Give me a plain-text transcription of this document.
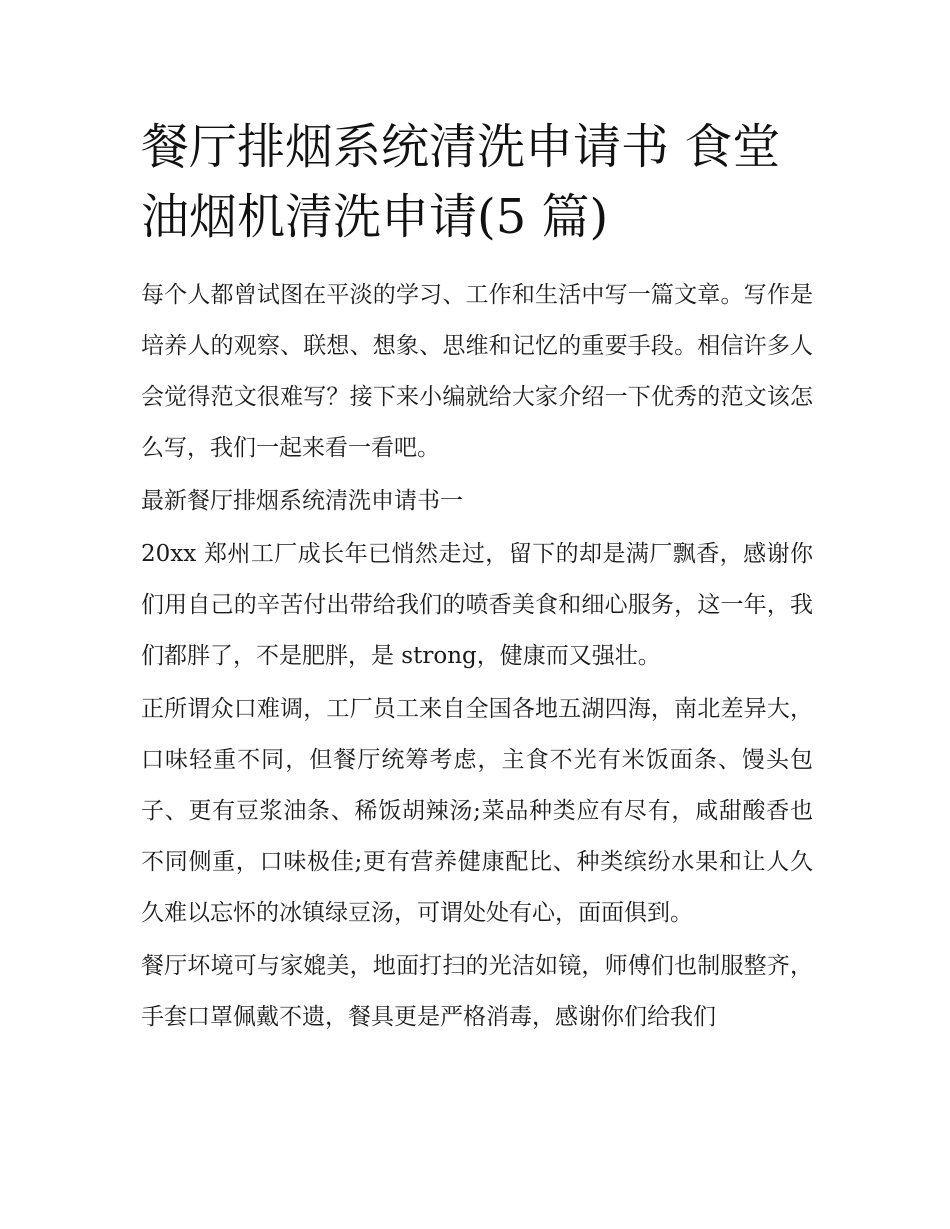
餐厅排烟系统清洗申请书 食堂油烟机清洗申请(5 篇)

每个人都曾试图在平淡的学习、工作和生活中写一篇文章。写作是培养人的观察、联想、想象、思维和记忆的重要手段。相信许多人会觉得范文很难写？接下来小编就给大家介绍一下优秀的范文该怎么写，我们一起来看一看吧。

最新餐厅排烟系统清洗申请书一

20xx 郑州工厂成长年已悄然走过，留下的却是满厂飘香，感谢你们用自己的辛苦付出带给我们的喷香美食和细心服务，这一年，我们都胖了，不是肥胖，是 strong，健康而又强壮。

正所谓众口难调，工厂员工来自全国各地五湖四海，南北差异大，口味轻重不同，但餐厅统筹考虑，主食不光有米饭面条、馒头包子、更有豆浆油条、稀饭胡辣汤;菜品种类应有尽有，咸甜酸香也不同侧重，口味极佳;更有营养健康配比、种类缤纷水果和让人久久难以忘怀的冰镇绿豆汤，可谓处处有心，面面俱到。

餐厅坏境可与家媲美，地面打扫的光洁如镜，师傅们也制服整齐，手套口罩佩戴不遗，餐具更是严格消毒，感谢你们给我们
